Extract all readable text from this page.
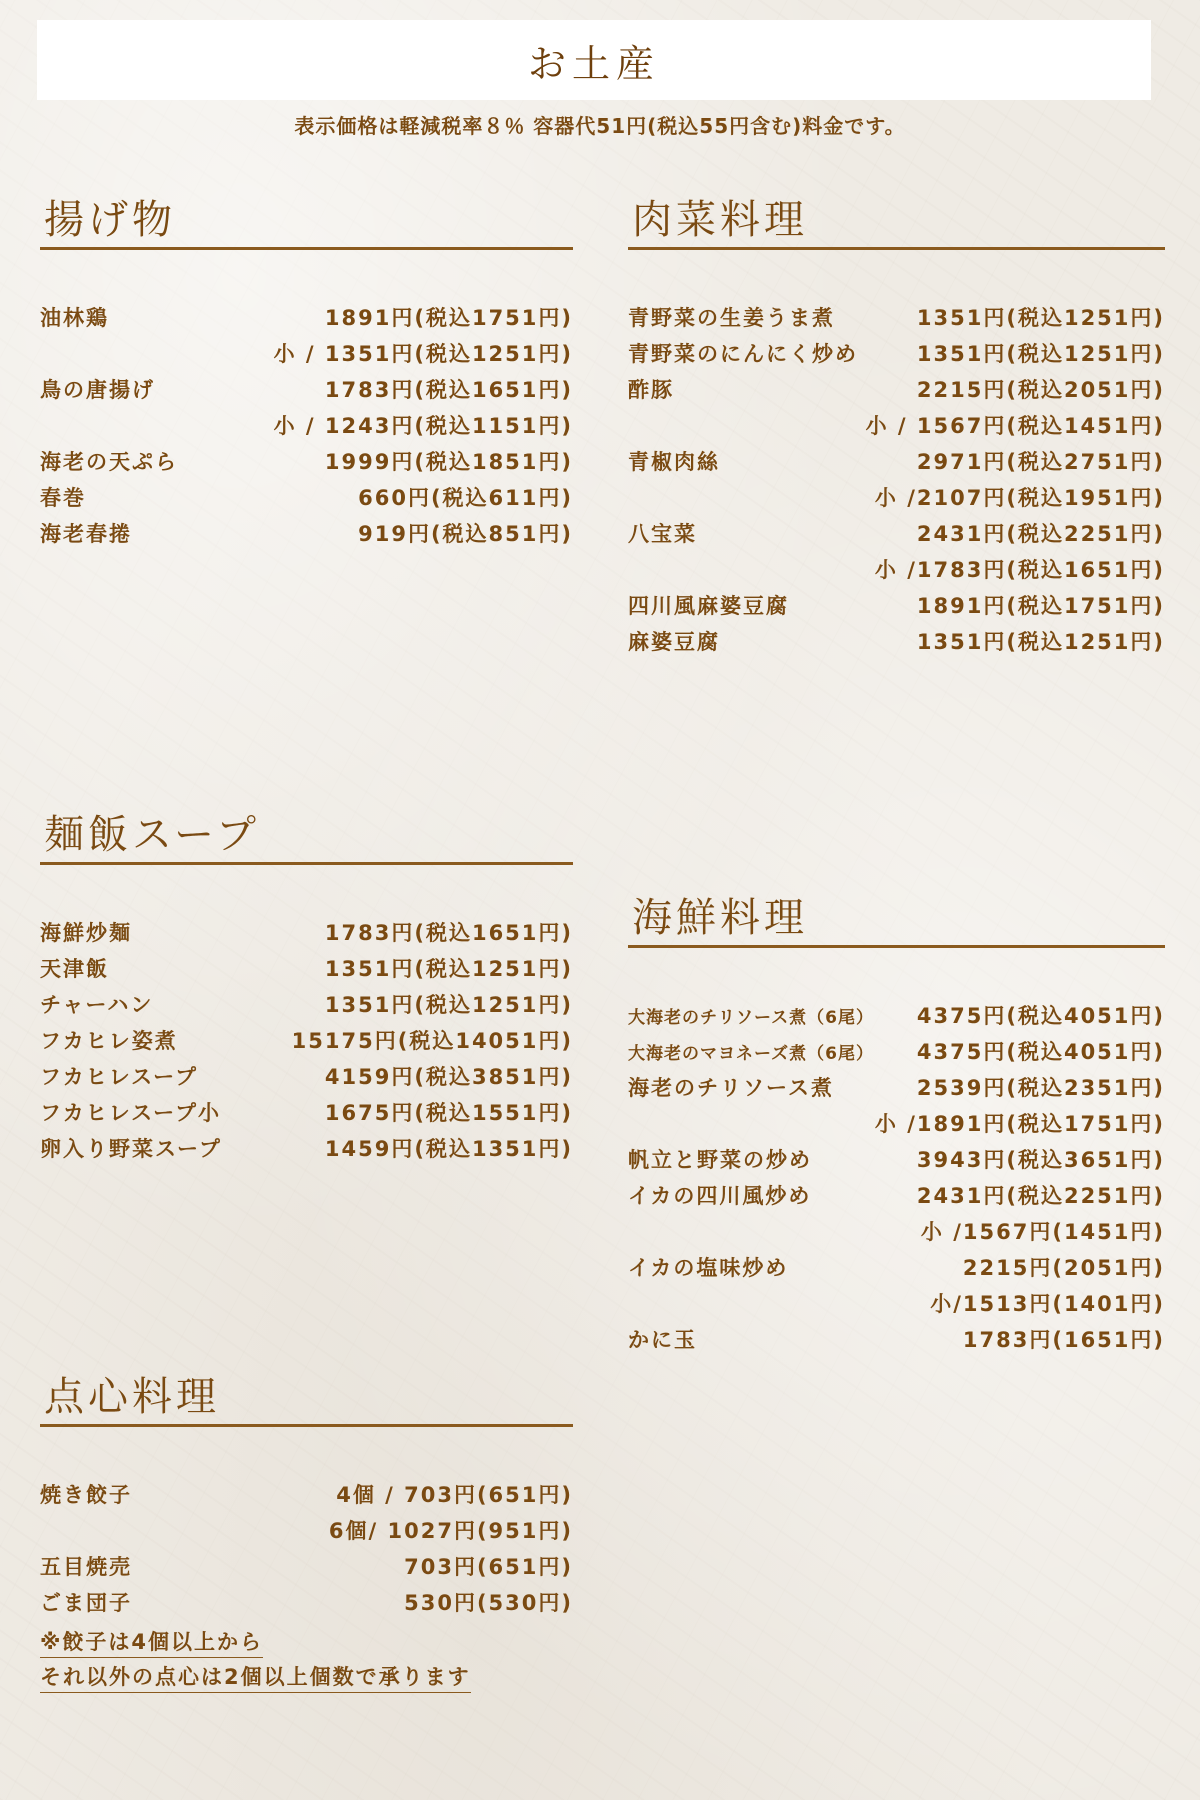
お土産
表示価格は軽減税率８％ 容器代51円(税込55円含む)料金です。
揚げ物
油林鶏	1891円(税込1751円)
小 / 1351円(税込1251円)
鳥の唐揚げ	1783円(税込1651円)
小 / 1243円(税込1151円)
海老の天ぷら	1999円(税込1851円)
春巻	660円(税込611円)
海老春捲	919円(税込851円)
肉菜料理
青野菜の生姜うま煮	1351円(税込1251円)
青野菜のにんにく炒め	1351円(税込1251円)
酢豚	2215円(税込2051円)
小 / 1567円(税込1451円)
青椒肉絲	2971円(税込2751円)
小 /2107円(税込1951円)
八宝菜	2431円(税込2251円)
小 /1783円(税込1651円)
四川風麻婆豆腐	1891円(税込1751円)
麻婆豆腐	1351円(税込1251円)
麺飯スープ
海鮮炒麺	1783円(税込1651円)
天津飯	1351円(税込1251円)
チャーハン	1351円(税込1251円)
フカヒレ姿煮	15175円(税込14051円)
フカヒレスープ	4159円(税込3851円)
フカヒレスープ小	1675円(税込1551円)
卵入り野菜スープ	1459円(税込1351円)
海鮮料理
大海老のチリソース煮（6尾） 4375円(税込4051円)
大海老のマヨネーズ煮（6尾） 4375円(税込4051円)
海老のチリソース煮	2539円(税込2351円)
小 /1891円(税込1751円)
帆立と野菜の炒め	3943円(税込3651円)
イカの四川風炒め	2431円(税込2251円)
小 /1567円(1451円)
イカの塩味炒め	2215円(2051円)
小/1513円(1401円)
かに玉	1783円(1651円)
点心料理
焼き餃子	4個 / 703円(651円)
6個/ 1027円(951円)
五目焼売	703円(651円)
ごま団子	530円(530円)
※餃子は4個以上から
それ以外の点心は2個以上個数で承ります
